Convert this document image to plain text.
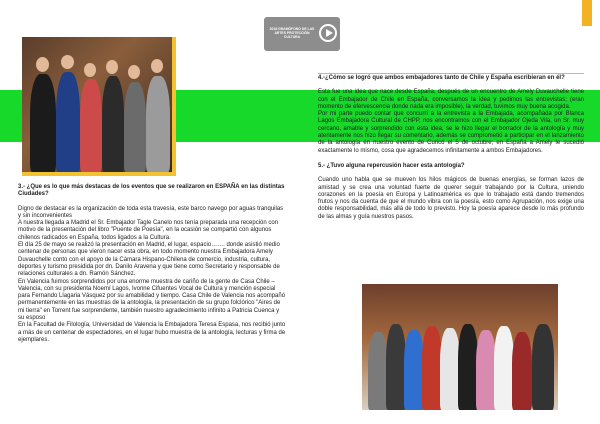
2018 GRAMÓFONO DE LAS ARTES PROTECCIÓN CULTURA

3.- ¿Que es lo que más destacas de los eventos que se realizaron en ESPAÑA en las distintas Ciudades?

Digno de destacar es la organización de toda esta travesía, este barco navego por aguas tranquilas y sin inconvenientes
A nuestra llegada a Madrid el Sr. Embajador Tagle Canelo nos tenía preparada una recepción con motivo de la presentación del libro "Puente de Poesía", en la ocasión se compartió con algunos chilenos radicados en España, todos ligados a la Cultura.
El día 25 de mayo se realizó la presentación en Madrid, el lugar, espacio……. donde asistió medio centenar de personas que vieron nacer esta obra, en todo momento nuestra Embajadora Amely Duvauchelle conto con el apoyo de la Cámara Hispano-Chilena de comercio, industria, cultura, deportes y turismo presidida por dn. Danilo Aravena y que tiene como Secretario y responsable de relaciones culturales a dn. Ramón Sánchez.
En Valencia fuimos sorprendidos por una enorme muestra de cariño de la gente de Casa Chile –Valencia, con su presidenta Noemí Lagos, Ivonne Cifuentes Vocal de Cultura y mención especial para Fernando Llagaria Vásquez por su amabilidad y tiempo. Casa Chile de Valencia nos acompañó permanentemente en las muestras de la antología, la presentación de su grupo folclórico "Aires de mi tierra" en Torrent fue sorprendente, también nuestro agradecimiento infinito a Patricia Cuenca y su esposo
En la Facultad de Filología, Universidad de Valencia la Embajadora Teresa Espasa, nos recibió junto a más de un centenar de espectadores, en el lugar hubo muestra de la antología, lecturas y firma de ejemplares.

4.-¿Cómo se logró que ambos embajadores tanto de Chile y España escribieran en él?

Esta fue una idea que nace desde España, después de un encuentro de Amely Duvauchelle tiene con el Embajador de Chile en España, conversamos la idea y pedimos las entrevistas; (eran momento de efervescencia donde nada era imposible), la verdad, tuvimos muy buena acogida.
Por mi parte puedo contar que concurrí a la entrevista a la Embajada, acompañada por Blanca Lagos Embajadora Cultural de CHPP, nos encontramos con el Embajador Ojeda Vila, un Sr. muy cercano, amable y sorprendido con esta idea, se le hizo llegar el borrador de la antología y muy atentamente nos hizo llegar su comentario, además se comprometió a participar en el lanzamiento de la antología en nuestro evento de Curicó el 5 de octubre; en España a Amely le sucedió exactamente lo mismo, cosa que agradecemos infinitamente a ambos Embajadores.

5.- ¿Tuvo alguna repercusión hacer esta antología?

Cuando uno habla que se mueven los hilos mágicos de buenas energías, se forman lazos de amistad y se crea una voluntad fuerte de querer seguir trabajando por la Cultura, uniendo corazones en la poesía en Europa y Latinoamérica es que lo trabajado está dando tremendos frutos y nos da cuenta de que el mundo vibra con la poesía, esto como Agrupación, nos exige una doble responsabilidad, más allá de todo lo previsto. Hoy la poesía aparece desde lo más profundo de las almas y guía nuestros pasos.
